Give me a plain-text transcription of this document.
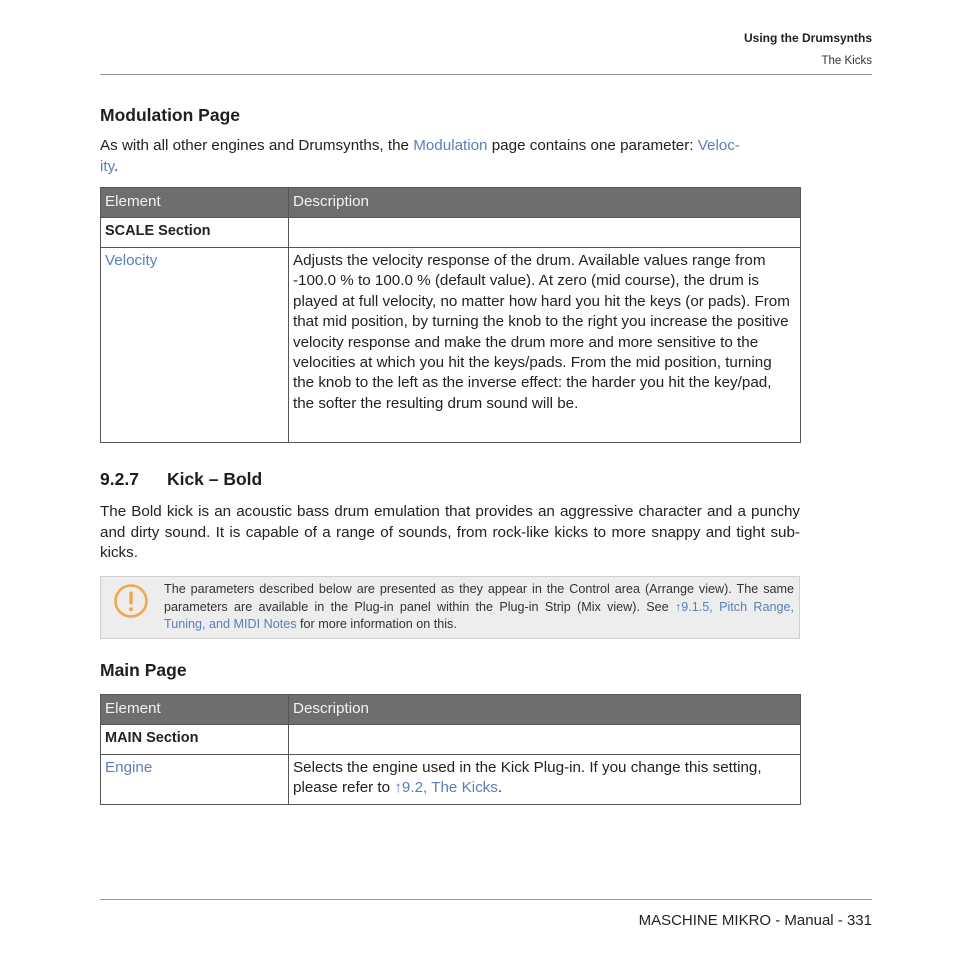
Using the Drumsynths
The Kicks
Modulation Page
As with all other engines and Drumsynths, the Modulation page contains one parameter: Veloc-
ity.
Element	Description
SCALE Section	
Velocity	Adjusts the velocity response of the drum. Available values range from -100.0 % to 100.0 % (default value). At zero (mid course), the drum is played at full velocity, no matter how hard you hit the keys (or pads). From that mid position, by turning the knob to the right you increase the positive velocity response and make the drum more and more sensitive to the velocities at which you hit the keys/pads. From the mid position, turning the knob to the left as the inverse effect: the harder you hit the key/pad, the softer the resulting drum sound will be.
9.2.7 Kick – Bold
The Bold kick is an acoustic bass drum emulation that provides an aggressive character and a punchy and dirty sound. It is capable of a range of sounds, from rock-like kicks to more snappy and tight sub-kicks.
The parameters described below are presented as they appear in the Control area (Arrange view). The same parameters are available in the Plug-in panel within the Plug-in Strip (Mix view). See ↑9.1.5, Pitch Range, Tuning, and MIDI Notes for more information on this.
Main Page
Element	Description
MAIN Section	
Engine	Selects the engine used in the Kick Plug-in. If you change this setting, please refer to ↑9.2, The Kicks.
MASCHINE MIKRO - Manual - 331
